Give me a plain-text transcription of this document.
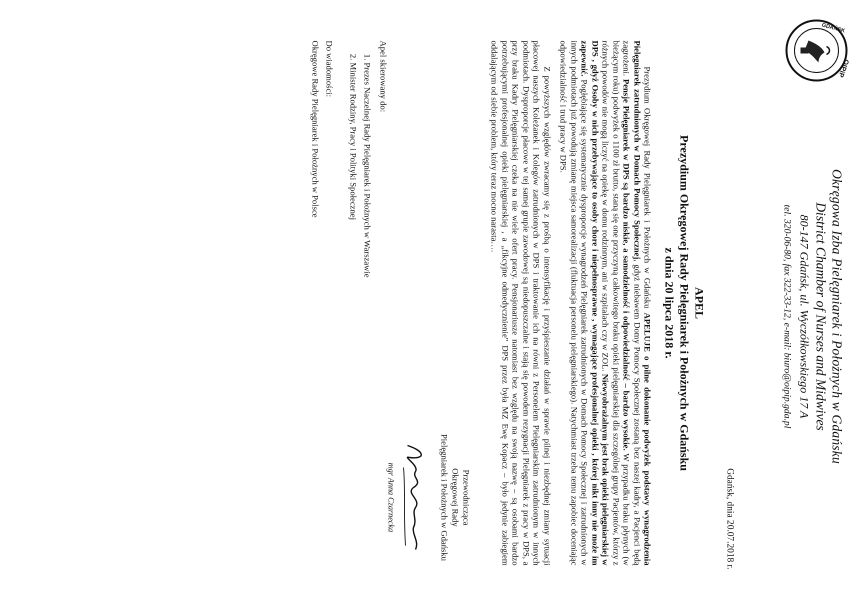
OIPiP
GDAŃSK
Okręgowa Izba Pielęgniarek i Położnych w Gdańsku
District Chamber of Nurses and Midwives
80-147 Gdańsk, ul. Wyczółkowskiego 17 A
tel. 320-06-80, fax 322-33-12, e-mail: biuro@oipip.gda.pl
Gdańsk, dnia 20.07.2018 r.
APEL
Prezydium Okręgowej Rady Pielęgniarek i Położnych w Gdańsku
z dnia 20 lipca 2018 r.

Prezydium Okręgowej Rady Pielęgniarek i Położnych w Gdańsku APELUJE o pilne dokonanie podwyżek podstawy wynagrodzenia Pielęgniarek zatrudnionych w Domach Pomocy Społecznej, gdyż niebawem Domy Pomocy Społecznej zostaną bez naszej kadry, a Pacjenci będą zagrożeni. Pensje Pielęgniarek w DPS są bardzo niskie, a samodzielność i odpowiedzialność – bardzo wysokie. W przypadku braku płynych (w bieżącym roku) podwyżek o 1100 zł brutto, staną się one przyczyną całkowitego braku opieki pielęgniarskiej dla szczególnej grupy Pacjentów, którzy z różnych powodów nie mogą liczyć na opiekę w domu rodzinnym, ani w szpitalach czy w ZOL. Niewyobrażalnym jest brak opieki pielęgniarskiej w DPS , gdyż Osoby w nich przebywające to osoby chore i niepełnosprawne , wymagające profesjonalnej opieki , której nikt inny nie może im zapewnić. Pogłębiające się systematycznie dysproporcje wynagrodzeń Pielęgniarek zatrudnionych w Domach Pomocy Społecznej i zatrudnionych w innych podmiotach już powodują zmianę miejsca samorealizacji (fluktuacja personelu pielęgniarskiego). Natychmiast trzeba temu zapobiec doceniając odpowiedzialność i trud pracy w DPS.

Z powyższych względów zwracamy się z prośbą o intensyfikację i przyśpieszanie działań w sprawie pilnej i niezbędnej zmiany sytuacji płacowej naszych Koleżanek i Kolegów zatrudnionych w DPS i traktowanie ich na równi z Personelem Pielęgniarskim zatrudnionym w innych podmiotach. Dysproporcje płacowe w tej samej grupie zawodowej są niedopuszczalne i stają się powodem rezygnacji Pielęgniarek z pracy w DPS, a przy braku Kadry Pielęgniarskiej czeka na nie wiele ofert pracy. Pensjonariusze natomiast bez względu na swoją nazwę – są osobami bardzo potrzebującymi profesjonalnej opieki pielęgniarskiej , a „fikcyjne odmedycznienie" DPS przez była MZ Ewę Kopacz – było jedynie zabiegiem oddalającym od siebie problem, który teraz mocno narasta….

Przewodnicząca
Okręgowej Rady
Pielęgniarek i Położnych w Gdańsku
mgr Anna Czarnecka
Apel skierowany do:
1. Prezes Naczelnej Rady Pielęgniarek i Położnych w Warszawie
2. Minister Rodziny, Pracy i Polityki Społecznej
Do wiadomości:
Okręgowe Rady Pielęgniarek i Położnych w Polsce
